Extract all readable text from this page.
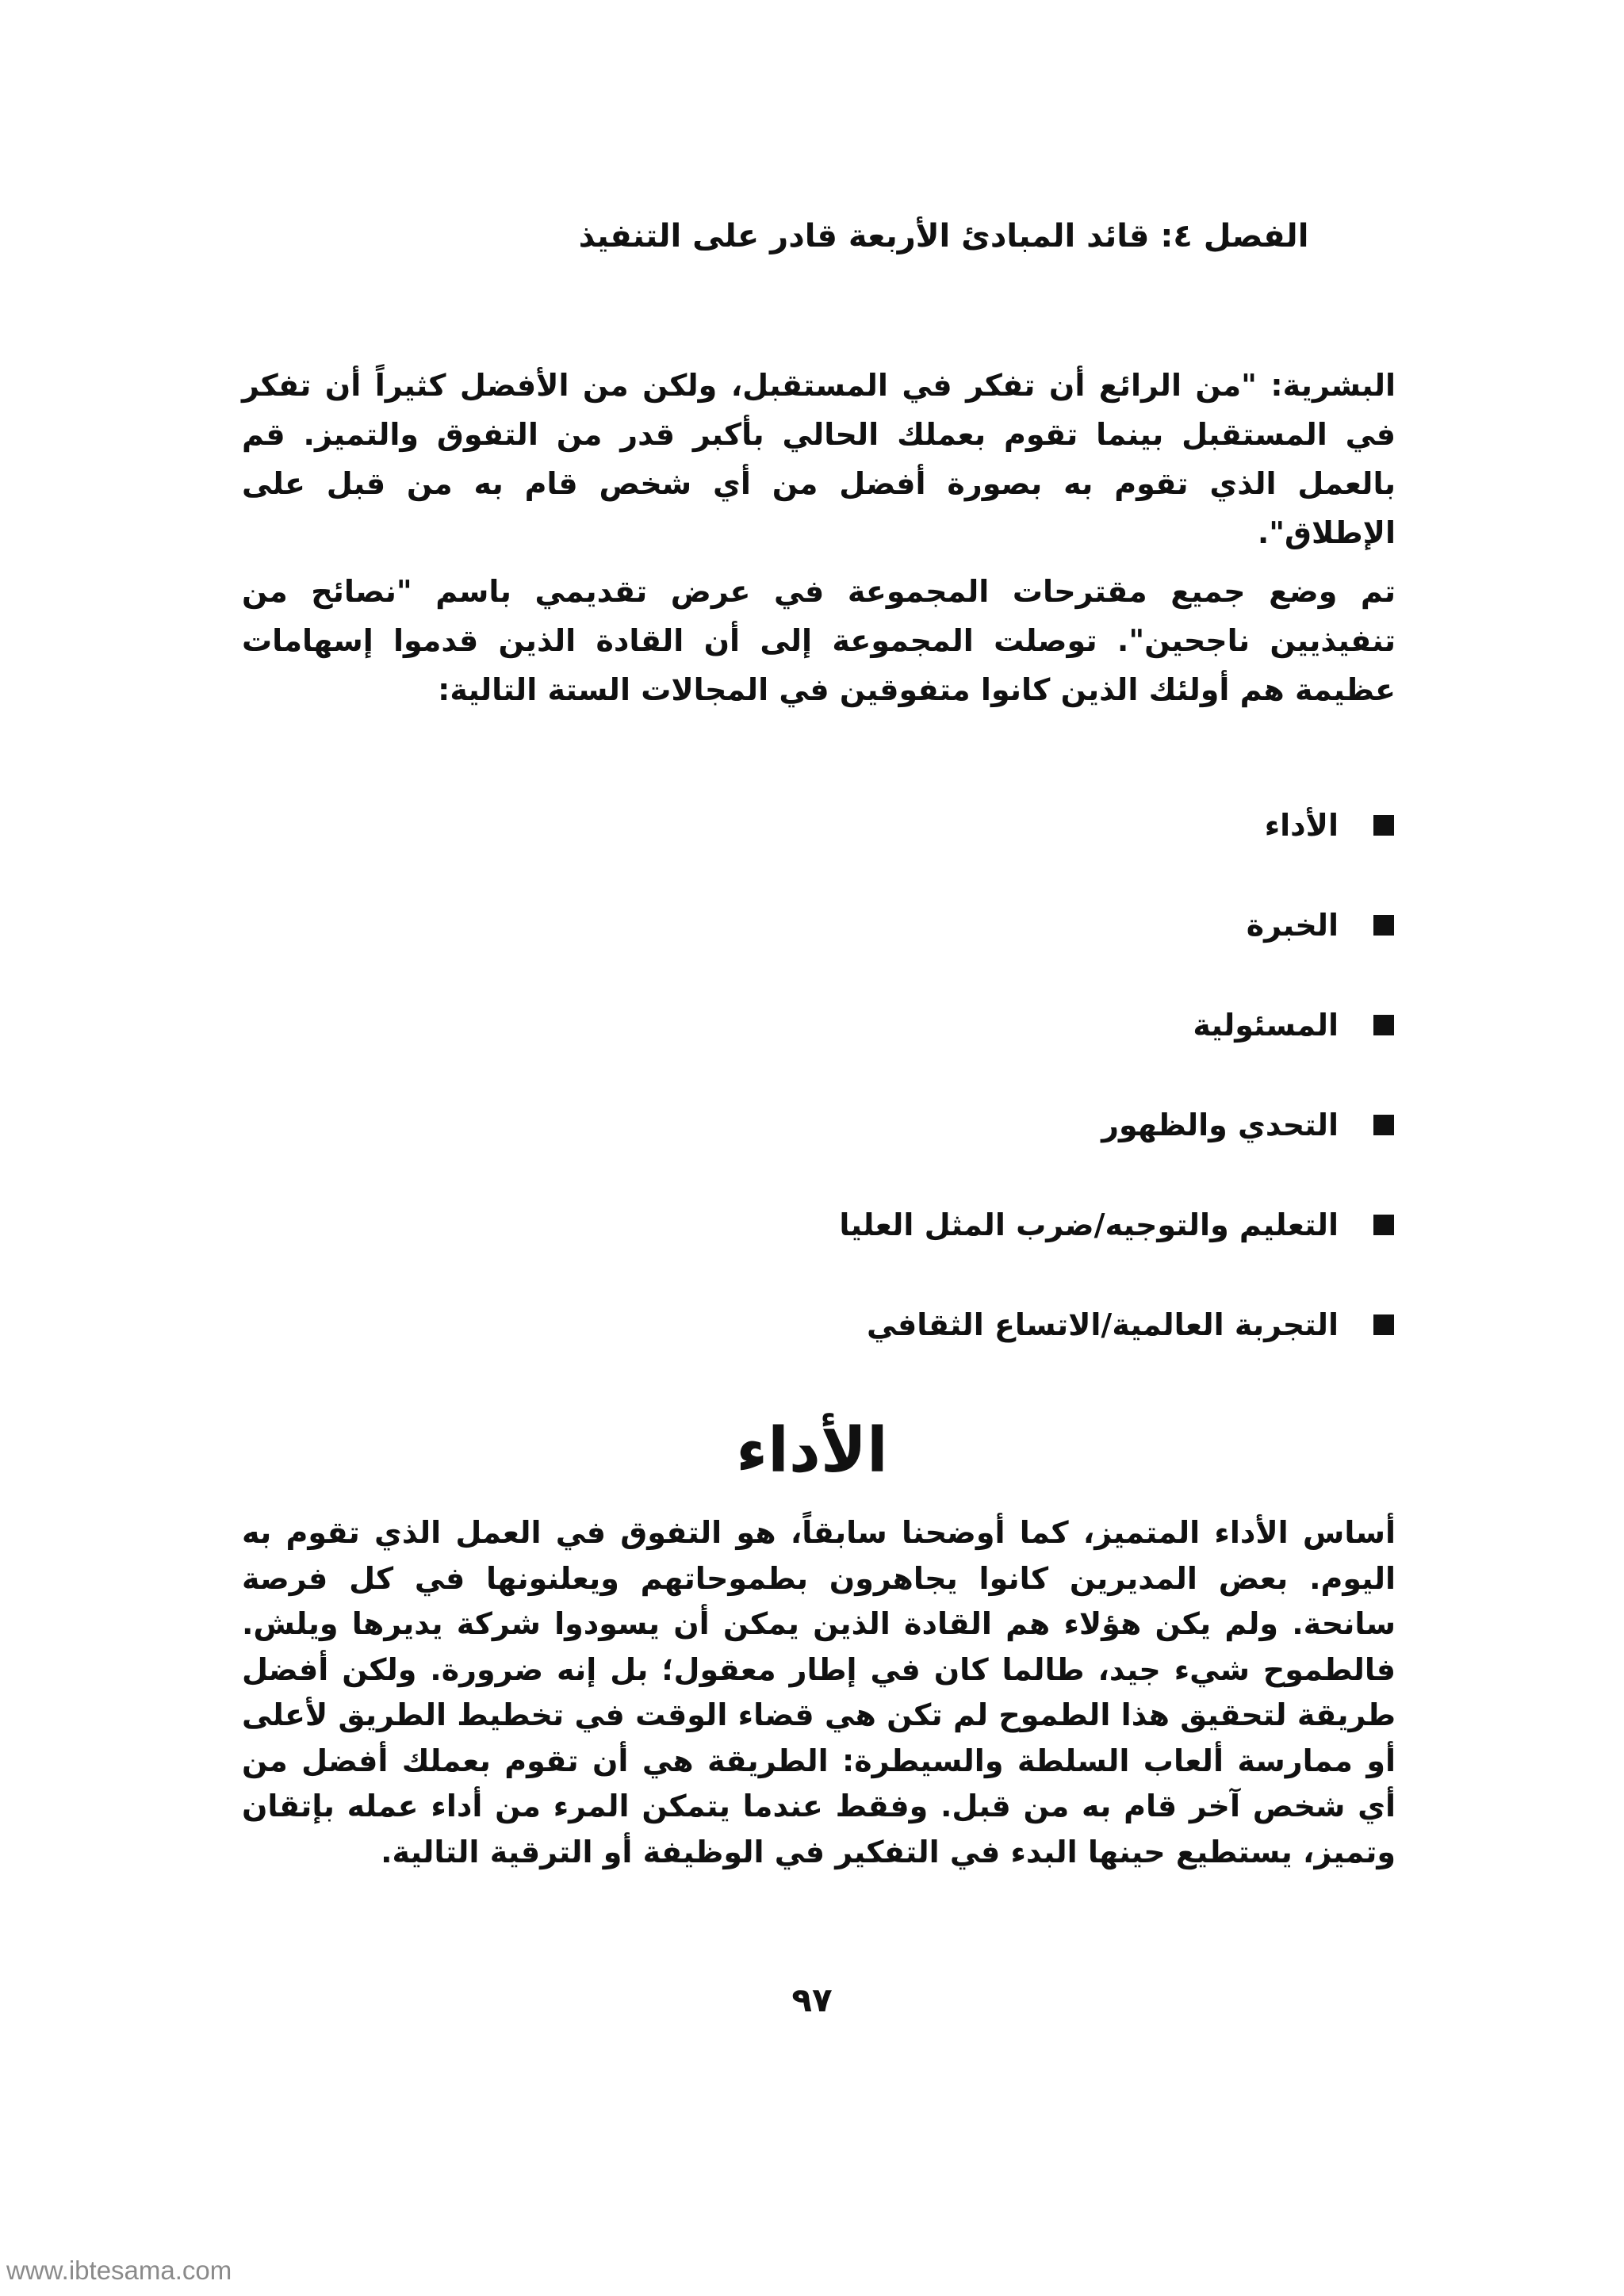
الفصل ٤: قائد المبادئ الأربعة قادر على التنفيذ

البشرية: "من الرائع أن تفكر في المستقبل، ولكن من الأفضل كثيراً أن تفكر في المستقبل بينما تقوم بعملك الحالي بأكبر قدر من التفوق والتميز. قم بالعمل الذي تقوم به بصورة أفضل من أي شخص قام به من قبل على الإطلاق".

تم وضع جميع مقترحات المجموعة في عرض تقديمي باسم "نصائح من تنفيذيين ناجحين". توصلت المجموعة إلى أن القادة الذين قدموا إسهامات عظيمة هم أولئك الذين كانوا متفوقين في المجالات الستة التالية:

الأداء
الخبرة
المسئولية
التحدي والظهور
التعليم والتوجيه/ضرب المثل العليا
التجربة العالمية/الاتساع الثقافي
الأداء

أساس الأداء المتميز، كما أوضحنا سابقاً، هو التفوق في العمل الذي تقوم به اليوم. بعض المديرين كانوا يجاهرون بطموحاتهم ويعلنونها في كل فرصة سانحة. ولم يكن هؤلاء هم القادة الذين يمكن أن يسودوا شركة يديرها ويلش. فالطموح شيء جيد، طالما كان في إطار معقول؛ بل إنه ضرورة. ولكن أفضل طريقة لتحقيق هذا الطموح لم تكن هي قضاء الوقت في تخطيط الطريق لأعلى أو ممارسة ألعاب السلطة والسيطرة: الطريقة هي أن تقوم بعملك أفضل من أي شخص آخر قام به من قبل. وفقط عندما يتمكن المرء من أداء عمله بإتقان وتميز، يستطيع حينها البدء في التفكير في الوظيفة أو الترقية التالية.

٩٧
www.ibtesama.com
